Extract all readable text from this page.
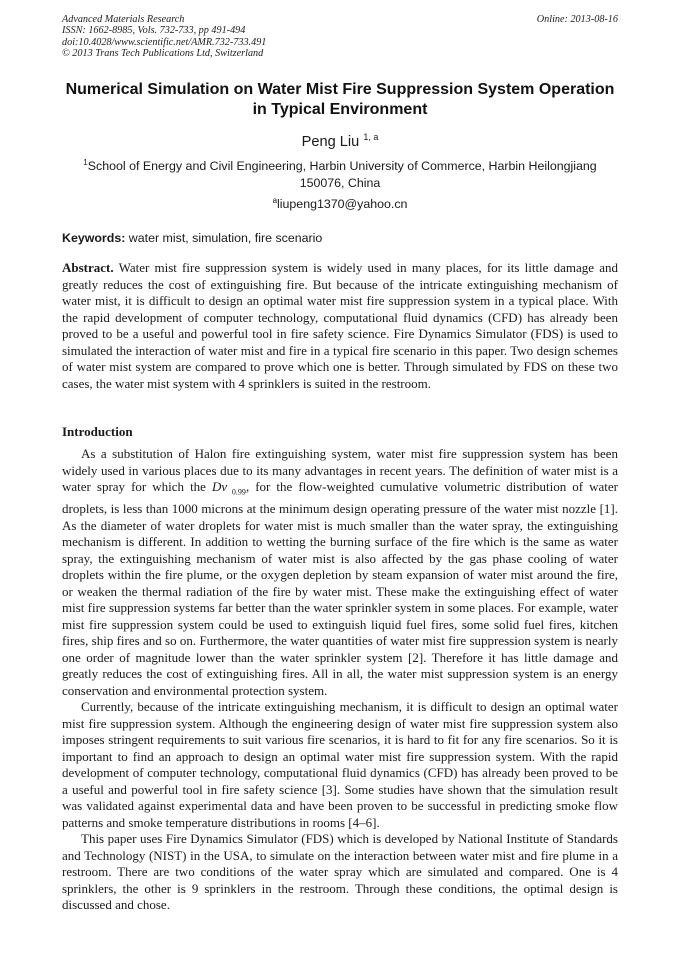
Advanced Materials Research
ISSN: 1662-8985, Vols. 732-733, pp 491-494
doi:10.4028/www.scientific.net/AMR.732-733.491
© 2013 Trans Tech Publications Ltd, Switzerland
Online: 2013-08-16
Numerical Simulation on Water Mist Fire Suppression System Operation
in Typical Environment
Peng Liu $^{1, a}$
$^1$School of Energy and Civil Engineering, Harbin University of Commerce, Harbin Heilongjiang
150076, China
$^a$liupeng1370@yahoo.cn
Keywords: water mist, simulation, fire scenario

Abstract. Water mist fire suppression system is widely used in many places, for its little damage and greatly reduces the cost of extinguishing fire. But because of the intricate extinguishing mechanism of water mist, it is difficult to design an optimal water mist fire suppression system in a typical place. With the rapid development of computer technology, computational fluid dynamics (CFD) has already been proved to be a useful and powerful tool in fire safety science. Fire Dynamics Simulator (FDS) is used to simulated the interaction of water mist and fire in a typical fire scenario in this paper. Two design schemes of water mist system are compared to prove which one is better. Through simulated by FDS on these two cases, the water mist system with 4 sprinklers is suited in the restroom.

Introduction

As a substitution of Halon fire extinguishing system, water mist fire suppression system has been widely used in various places due to its many advantages in recent years. The definition of water mist is a water spray for which the Dv $_{0.99}$, for the flow-weighted cumulative volumetric distribution of water droplets, is less than 1000 microns at the minimum design operating pressure of the water mist nozzle [1]. As the diameter of water droplets for water mist is much smaller than the water spray, the extinguishing mechanism is different. In addition to wetting the burning surface of the fire which is the same as water spray, the extinguishing mechanism of water mist is also affected by the gas phase cooling of water droplets within the fire plume, or the oxygen depletion by steam expansion of water mist around the fire, or weaken the thermal radiation of the fire by water mist. These make the extinguishing effect of water mist fire suppression systems far better than the water sprinkler system in some places. For example, water mist fire suppression system could be used to extinguish liquid fuel fires, some solid fuel fires, kitchen fires, ship fires and so on. Furthermore, the water quantities of water mist fire suppression system is nearly one order of magnitude lower than the water sprinkler system [2]. Therefore it has little damage and greatly reduces the cost of extinguishing fires. All in all, the water mist suppression system is an energy conservation and environmental protection system.

Currently, because of the intricate extinguishing mechanism, it is difficult to design an optimal water mist fire suppression system. Although the engineering design of water mist fire suppression system also imposes stringent requirements to suit various fire scenarios, it is hard to fit for any fire scenarios. So it is important to find an approach to design an optimal water mist fire suppression system. With the rapid development of computer technology, computational fluid dynamics (CFD) has already been proved to be a useful and powerful tool in fire safety science [3]. Some studies have shown that the simulation result was validated against experimental data and have been proven to be successful in predicting smoke flow patterns and smoke temperature distributions in rooms [4–6].

This paper uses Fire Dynamics Simulator (FDS) which is developed by National Institute of Standards and Technology (NIST) in the USA, to simulate on the interaction between water mist and fire plume in a restroom. There are two conditions of the water spray which are simulated and compared. One is 4 sprinklers, the other is 9 sprinklers in the restroom. Through these conditions, the optimal design is discussed and chose.
